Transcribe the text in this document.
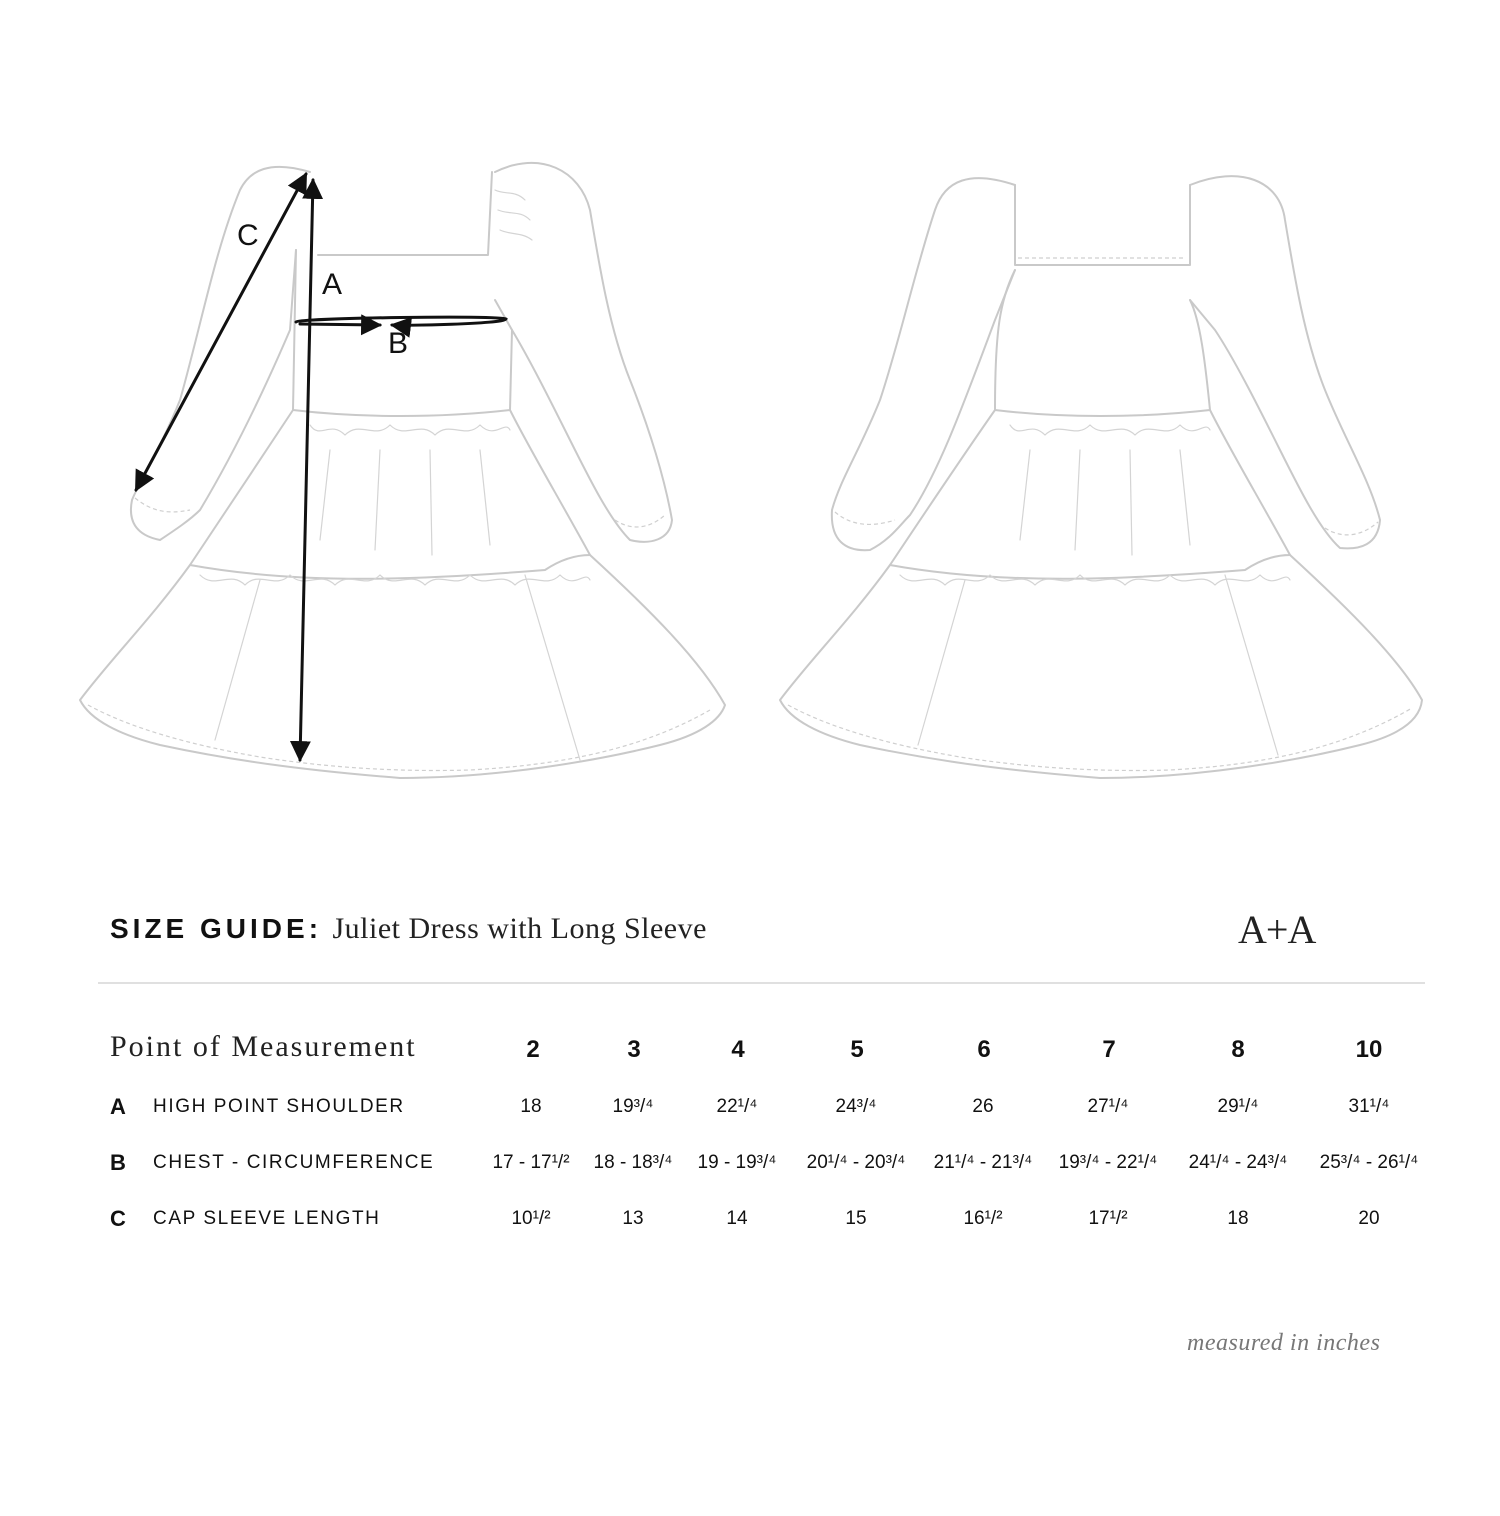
C
A
B
SIZE GUIDE: Juliet Dress with Long Sleeve	A+A
Point of Measurement	2	3	4	5	6	7	8	10
A HIGH POINT SHOULDER	18	19³/⁴	22¹/⁴	24³/⁴	26	27¹/⁴	29¹/⁴	31¹/⁴
B CHEST - CIRCUMFERENCE	17 - 17¹/²	18 - 18³/⁴	19 - 19³/⁴	20¹/⁴ - 20³/⁴	21¹/⁴ - 21³/⁴	19³/⁴ - 22¹/⁴	24¹/⁴ - 24³/⁴	25³/⁴ - 26¹/⁴
C CAP SLEEVE LENGTH	10¹/²	13	14	15	16¹/²	17¹/²	18	20
measured in inches
